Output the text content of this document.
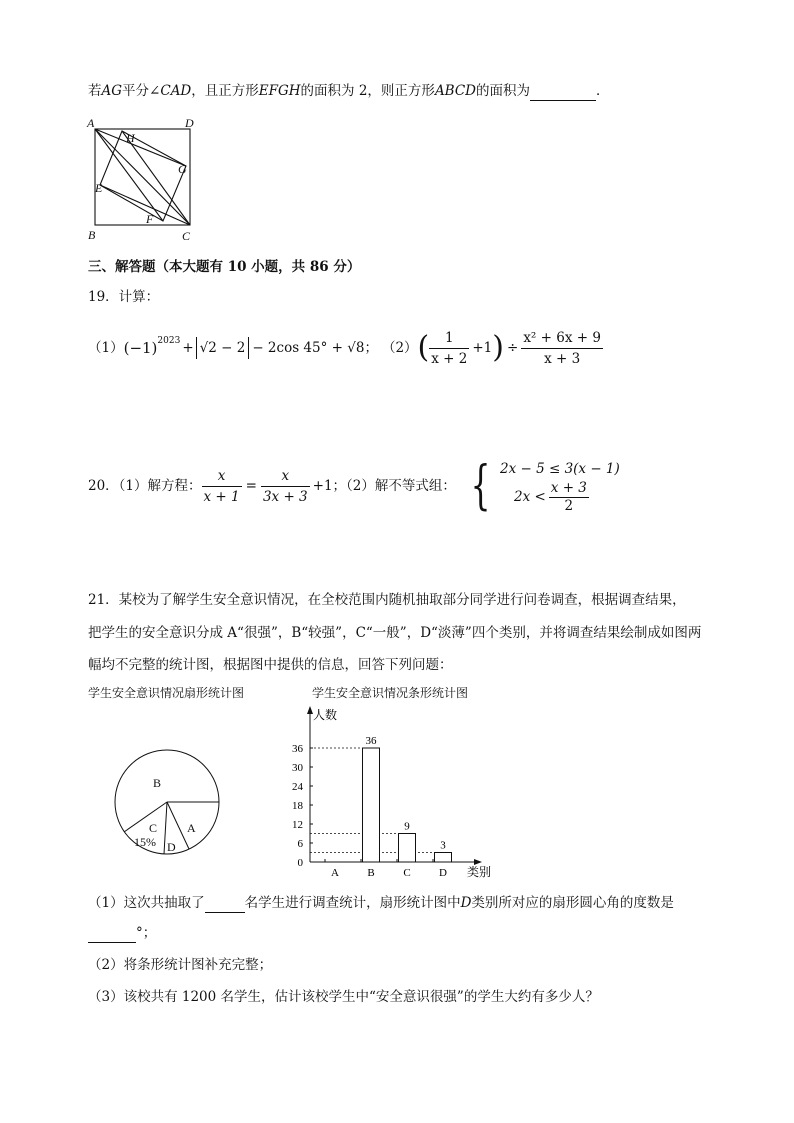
若AG平分∠CAD，且正方形EFGH的面积为 2，则正方形ABCD的面积为	．
A	D
H
G
E
F
B	C
三、解答题（本大题有 10 小题，共 86 分）
19．计算：
（1） $(-1)^{2023} + √2 - 2 - 2\cos$ 45° + √8 ； （2） ( $\frac{1}{x + 2} +1$ ) ÷ $\frac{\text{x² + 6x + 9}}{x + 3}$
20．（1）解方程： $\frac{x}{x + 1} = \frac{x}{3x + 3} +1$ ；（2）解不等式组： { 2x − 5 ≤ 3(x − 1)
$2x < \frac{x + 3}{2}$
21．某校为了解学生安全意识情况，在全校范围内随机抽取部分同学进行问卷调查，根据调查结果，
把学生的安全意识分成 A“很强”，B“较强”，C“一般”，D“淡薄”四个类别，并将调查结果绘制成如图两
幅均不完整的统计图，根据图中提供的信息，回答下列问题：
学生安全意识情况扇形统计图	学生安全意识情况条形统计图
B
A
D
C
15%
人数
类别
0
6
12
18
24
30
36
A	B	C	D
36
9
3
（1）这次共抽取了	名学生进行调查统计，扇形统计图中D类别所对应的扇形圆心角的度数是
°；
（2）将条形统计图补充完整；
（3）该校共有 1200 名学生，估计该校学生中“安全意识很强”的学生大约有多少人？
